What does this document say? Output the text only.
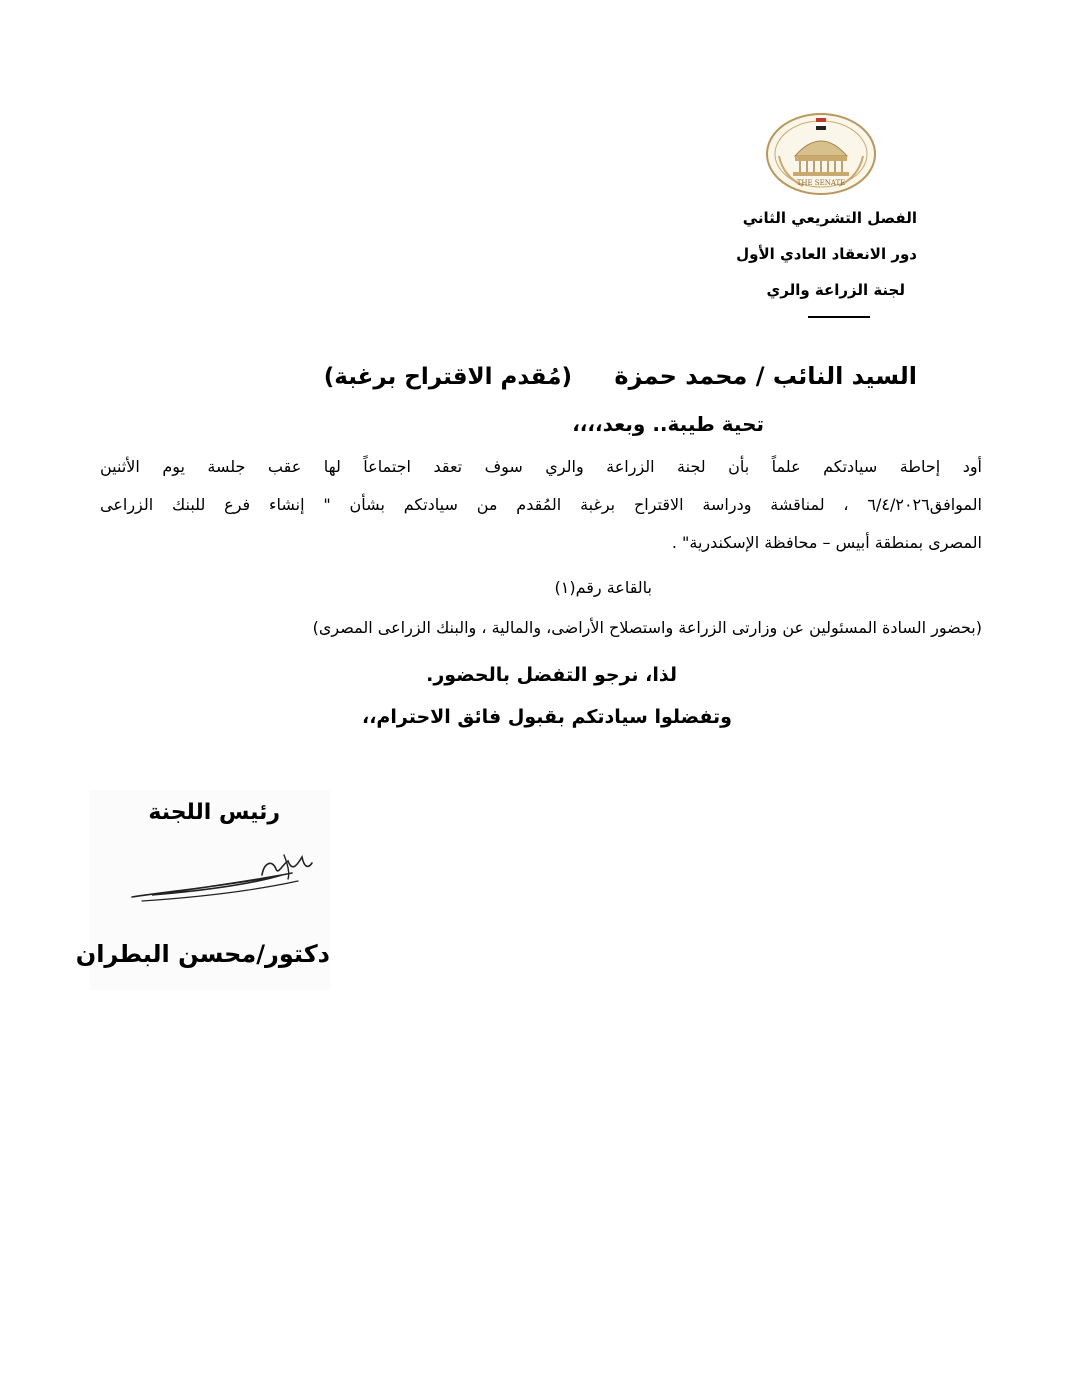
THE SENATE
الفصل التشريعي الثاني
دور الانعقاد العادي الأول
لجنة الزراعة والري
السيد النائب / محمد حمزة
(مُقدم الاقتراح برغبة)
تحية طيبة.. وبعد،،،،
أود إحاطة سيادتكم علماً بأن لجنة الزراعة والري سوف تعقد اجتماعاً لها عقب جلسة يوم الأثنين
الموافق٦/٤/٢٠٢٦ ، لمناقشة ودراسة الاقتراح برغبة المُقدم من سيادتكم بشأن " إنشاء فرع للبنك الزراعى
المصرى بمنطقة أبيس – محافظة الإسكندرية" .
بالقاعة رقم(١)
(بحضور السادة المسئولين عن وزارتى الزراعة واستصلاح الأراضى، والمالية ، والبنك الزراعى المصرى)
لذا، نرجو التفضل بالحضور.
وتفضلوا سيادتكم بقبول فائق الاحترام،،
رئيس اللجنة
دكتور/محسن البطران
